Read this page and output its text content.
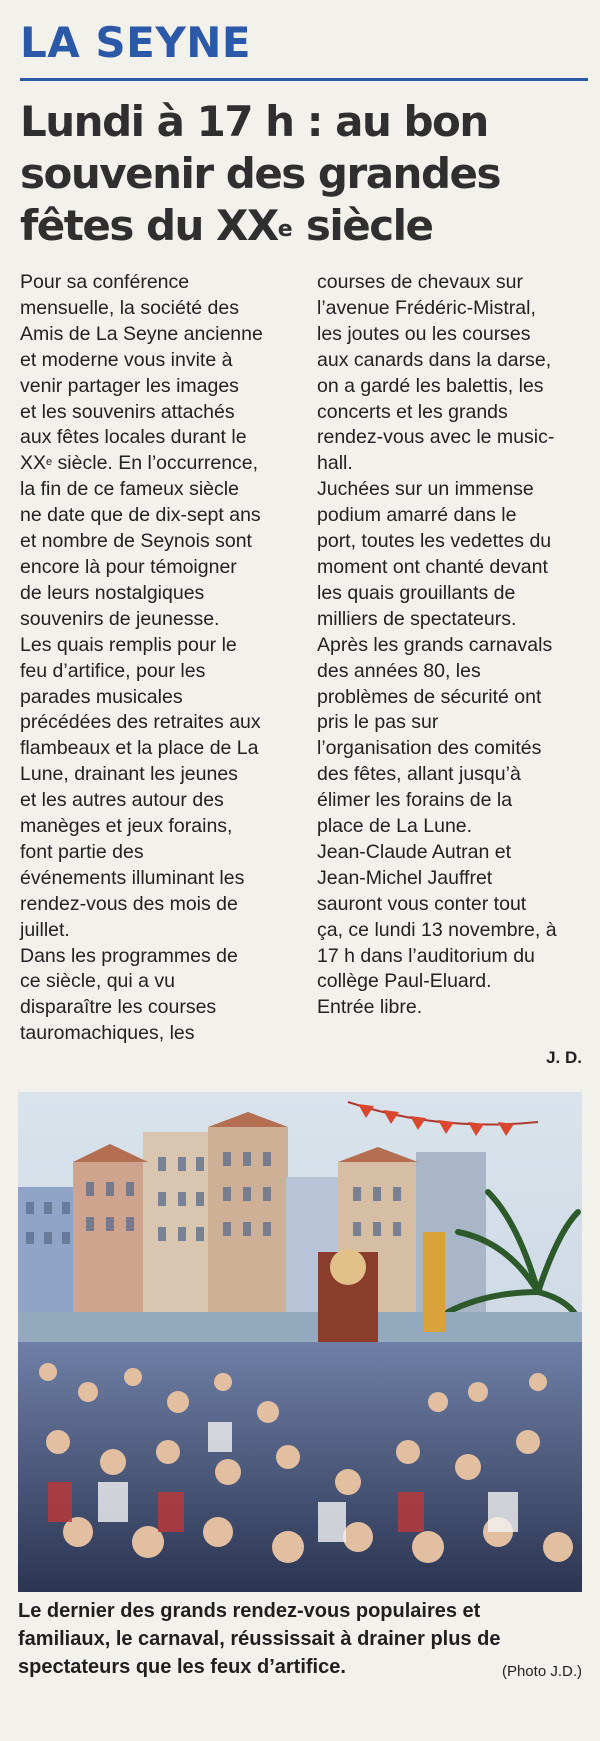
LA SEYNE
Lundi à 17 h : au bon
souvenir des grandes
fêtes du XXe siècle
Pour sa conférence
mensuelle, la société des
Amis de La Seyne ancienne
et moderne vous invite à
venir partager les images
et les souvenirs attachés
aux fêtes locales durant le
XXe siècle. En l’occurrence,
la fin de ce fameux siècle
ne date que de dix-sept ans
et nombre de Seynois sont
encore là pour témoigner
de leurs nostalgiques
souvenirs de jeunesse.
Les quais remplis pour le
feu d’artifice, pour les
parades musicales
précédées des retraites aux
flambeaux et la place de La
Lune, drainant les jeunes
et les autres autour des
manèges et jeux forains,
font partie des
événements illuminant les
rendez-vous des mois de
juillet.
Dans les programmes de
ce siècle, qui a vu
disparaître les courses
tauromachiques, les
courses de chevaux sur
l’avenue Frédéric-Mistral,
les joutes ou les courses
aux canards dans la darse,
on a gardé les balettis, les
concerts et les grands
rendez-vous avec le music-
hall.
Juchées sur un immense
podium amarré dans le
port, toutes les vedettes du
moment ont chanté devant
les quais grouillants de
milliers de spectateurs.
Après les grands carnavals
des années 80, les
problèmes de sécurité ont
pris le pas sur
l’organisation des comités
des fêtes, allant jusqu’à
élimer les forains de la
place de La Lune.
Jean-Claude Autran et
Jean-Michel Jauffret
sauront vous conter tout
ça, ce lundi 13 novembre, à
17 h dans l’auditorium du
collège Paul-Eluard.
Entrée libre.
J. D.
Le dernier des grands rendez-vous populaires et
familiaux, le carnaval, réussissait à drainer plus de
spectateurs que les feux d’artifice.	(Photo J.D.)
